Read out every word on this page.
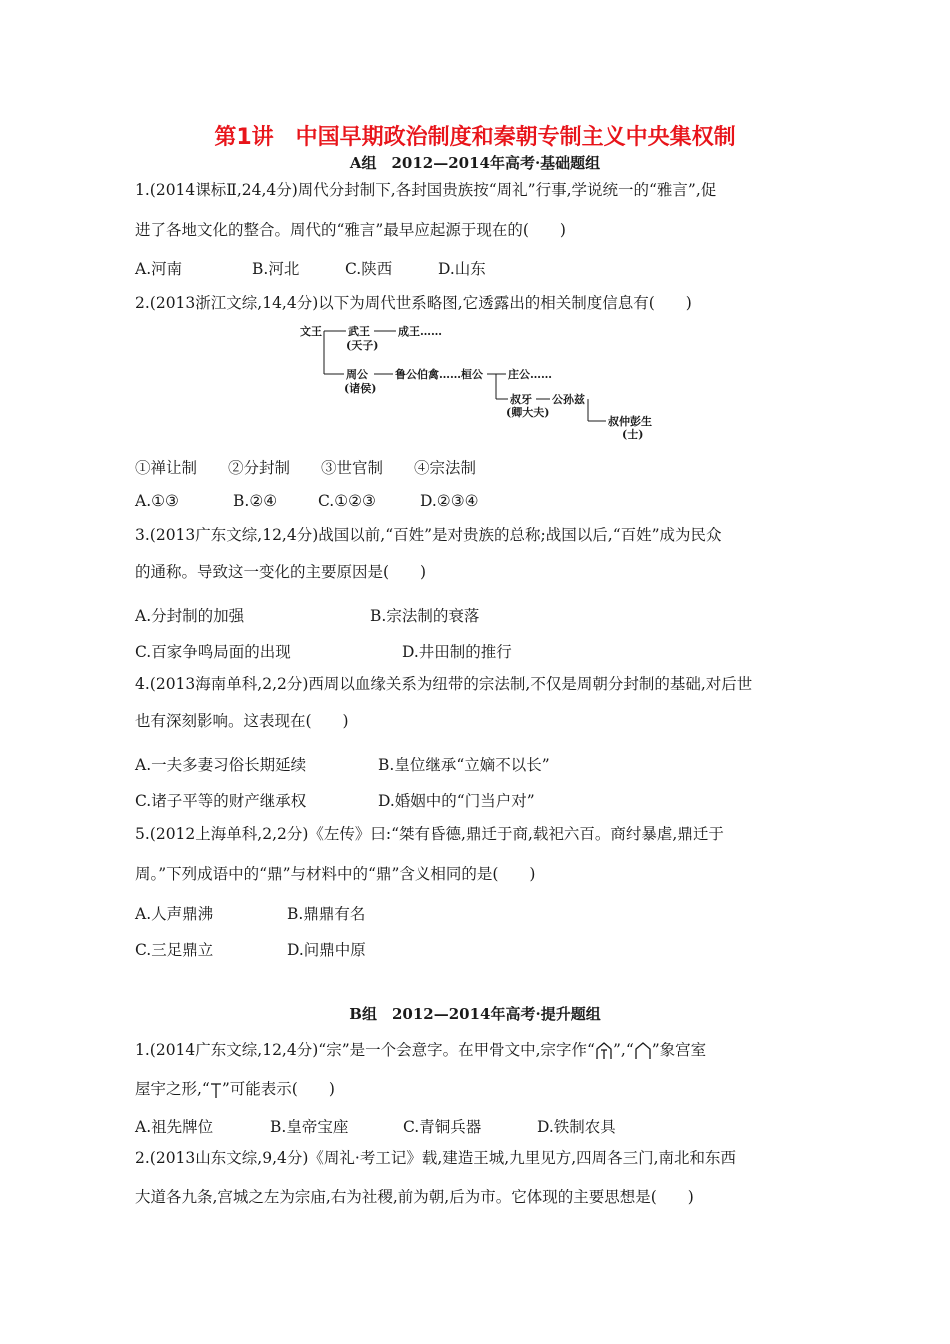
第1讲　中国早期政治制度和秦朝专制主义中央集权制
A组　2012—2014年高考·基础题组
1.(2014课标Ⅱ,24,4分)周代分封制下,各封国贵族按“周礼”行事,学说统一的“雅言”,促
进了各地文化的整合。周代的“雅言”最早应起源于现在的(　　)
A.河南	B.河北	C.陕西	D.山东
2.(2013浙江文综,14,4分)以下为周代世系略图,它透露出的相关制度信息有(　　)
文王 武王
(天子)
成王……
周公
(诸侯)
鲁公伯禽……桓公 庄公……
叔牙
(卿大夫)
公孙兹
叔仲彭生
(士)
①禅让制　　②分封制　　③世官制　　④宗法制
A.①③	B.②④	C.①②③	D.②③④
3.(2013广东文综,12,4分)战国以前,“百姓”是对贵族的总称;战国以后,“百姓”成为民众
的通称。导致这一变化的主要原因是(　　)
A.分封制的加强	B.宗法制的衰落
C.百家争鸣局面的出现	D.井田制的推行
4.(2013海南单科,2,2分)西周以血缘关系为纽带的宗法制,不仅是周朝分封制的基础,对后世
也有深刻影响。这表现在(　　)
A.一夫多妻习俗长期延续	B.皇位继承“立嫡不以长”
C.诸子平等的财产继承权	D.婚姻中的“门当户对”
5.(2012上海单科,2,2分)《左传》曰:“桀有昏德,鼎迁于商,载祀六百。商纣暴虐,鼎迁于
周。”下列成语中的“鼎”与材料中的“鼎”含义相同的是(　　)
A.人声鼎沸	B.鼎鼎有名
C.三足鼎立	D.问鼎中原
B组　2012—2014年高考·提升题组
1.(2014广东文综,12,4分)“宗”是一个会意字。在甲骨文中,宗字作“ ”,“ ”象宫室
屋宇之形,“ ”可能表示(　　)
A.祖先牌位	B.皇帝宝座	C.青铜兵器	D.铁制农具
2.(2013山东文综,9,4分)《周礼·考工记》载,建造王城,九里见方,四周各三门,南北和东西
大道各九条,宫城之左为宗庙,右为社稷,前为朝,后为市。它体现的主要思想是(　　)
